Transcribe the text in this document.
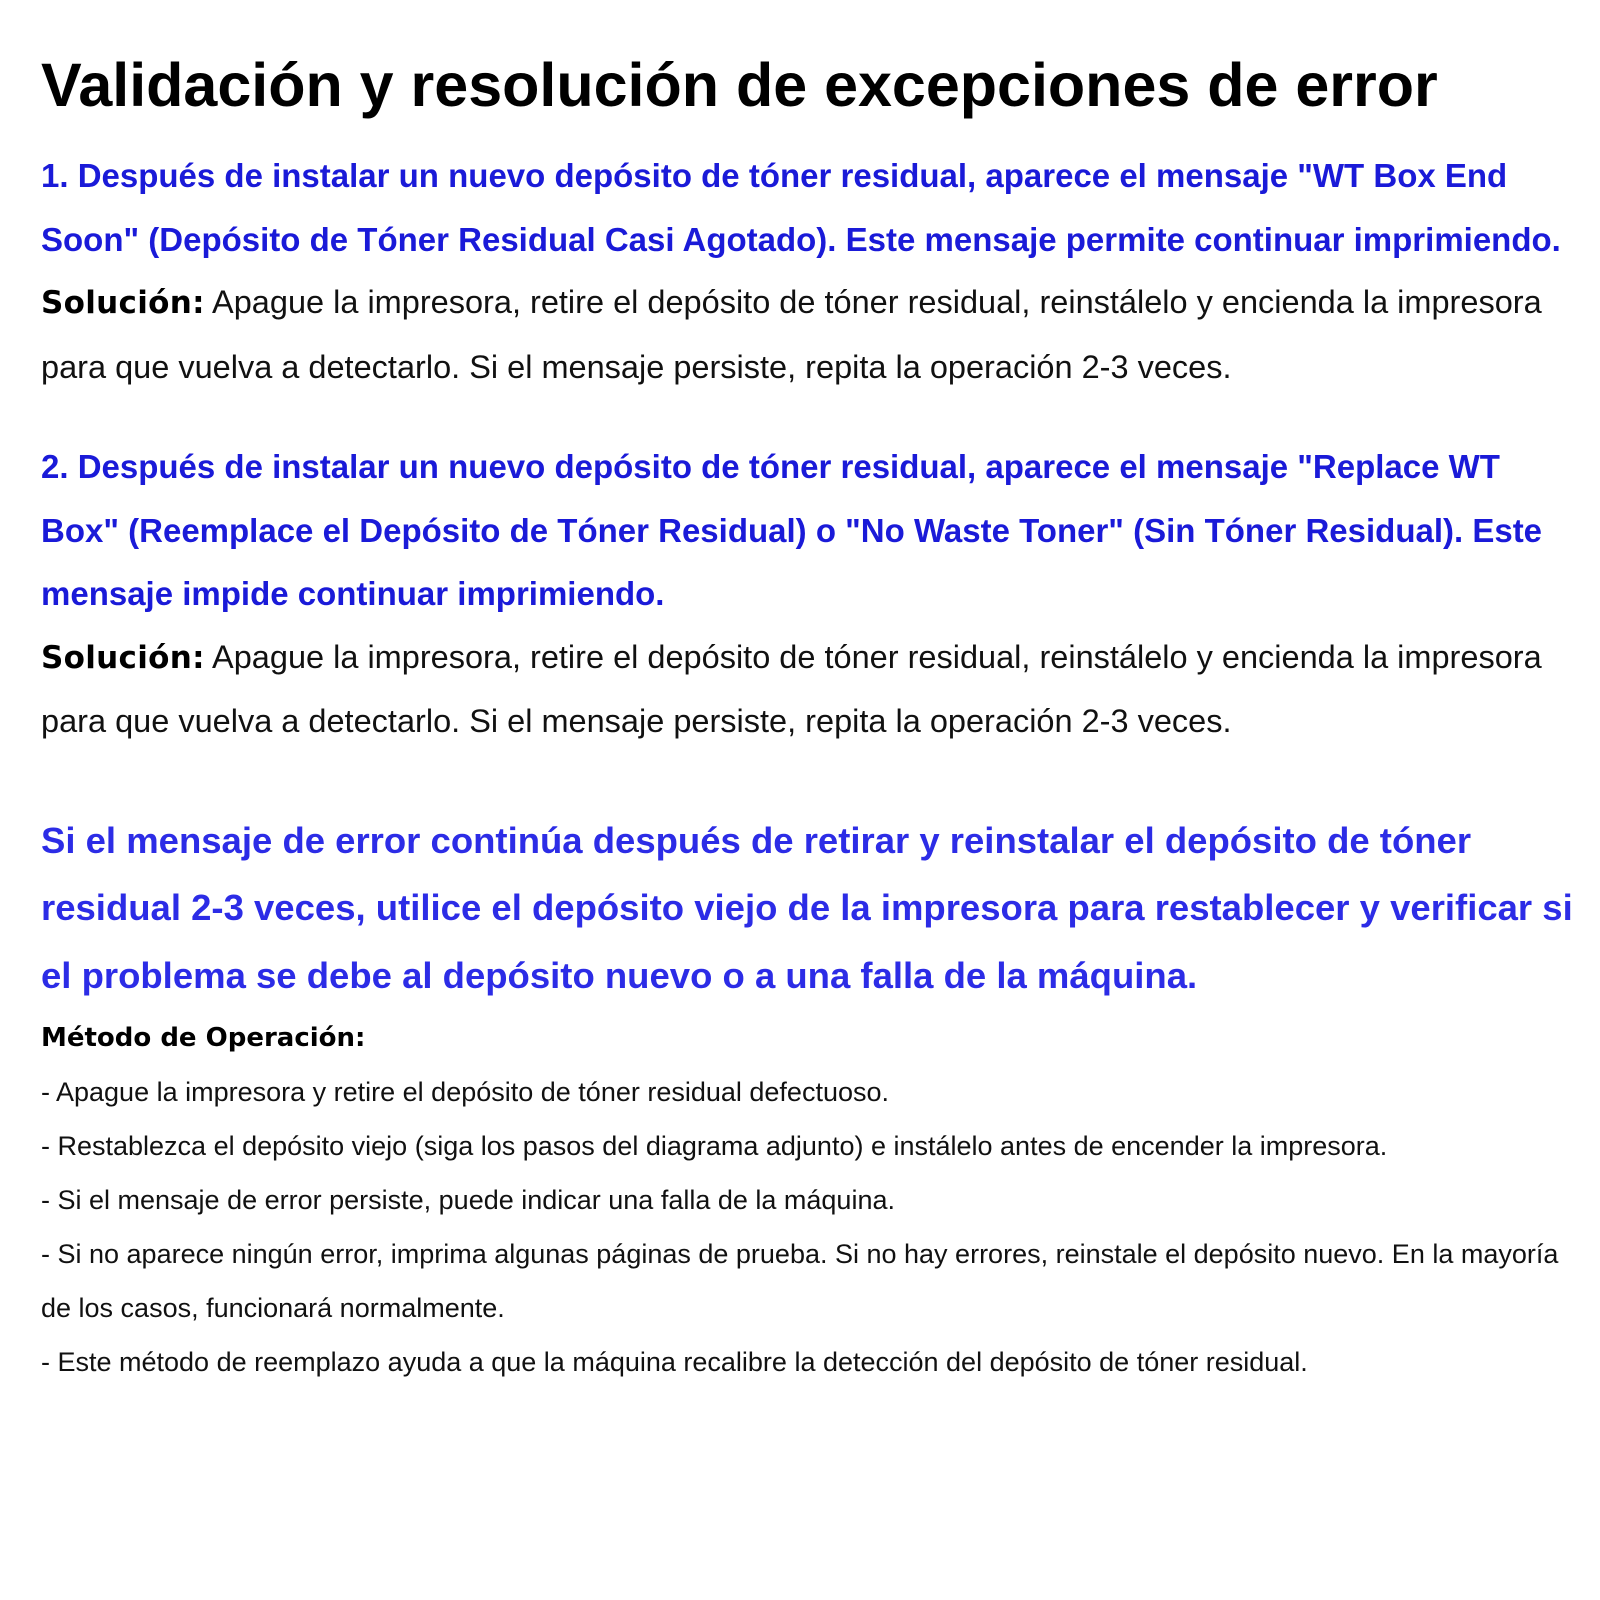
Validación y resolución de excepciones de error

1. Después de instalar un nuevo depósito de tóner residual, aparece el mensaje "WT Box End Soon" (Depósito de Tóner Residual Casi Agotado). Este mensaje permite continuar imprimiendo.

Solución: Apague la impresora, retire el depósito de tóner residual, reinstálelo y encienda la impresora para que vuelva a detectarlo. Si el mensaje persiste, repita la operación 2-3 veces.

2. Después de instalar un nuevo depósito de tóner residual, aparece el mensaje "Replace WT Box" (Reemplace el Depósito de Tóner Residual) o "No Waste Toner" (Sin Tóner Residual). Este mensaje impide continuar imprimiendo.

Solución: Apague la impresora, retire el depósito de tóner residual, reinstálelo y encienda la impresora para que vuelva a detectarlo. Si el mensaje persiste, repita la operación 2-3 veces.

Si el mensaje de error continúa después de retirar y reinstalar el depósito de tóner residual 2-3 veces, utilice el depósito viejo de la impresora para restablecer y verificar si el problema se debe al depósito nuevo o a una falla de la máquina.

Método de Operación:
- Apague la impresora y retire el depósito de tóner residual defectuoso.
- Restablezca el depósito viejo (siga los pasos del diagrama adjunto) e instálelo antes de encender la impresora.
- Si el mensaje de error persiste, puede indicar una falla de la máquina.
- Si no aparece ningún error, imprima algunas páginas de prueba. Si no hay errores, reinstale el depósito nuevo. En la mayoría de los casos, funcionará normalmente.
- Este método de reemplazo ayuda a que la máquina recalibre la detección del depósito de tóner residual.
